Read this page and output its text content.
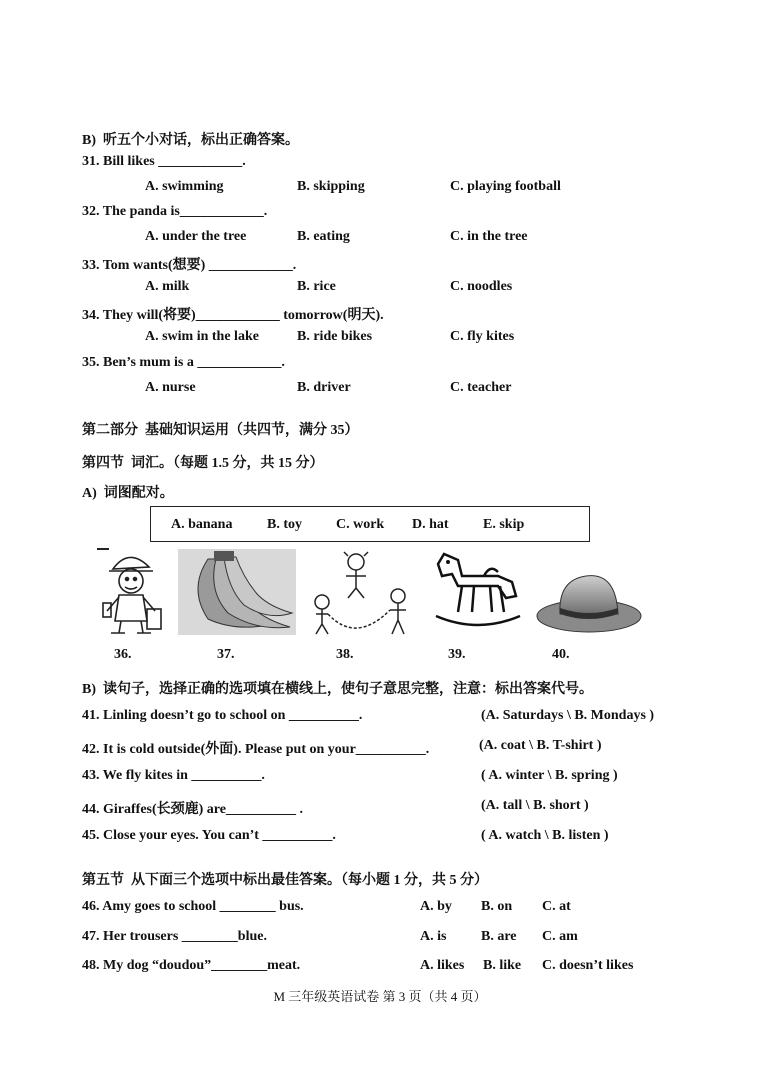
B)  听五个小对话，标出正确答案。
31. Bill likes ____________.
A. swimming	B. skipping	C. playing football
32. The panda is____________.
A. under the tree	B. eating	C. in the tree
33. Tom wants(想要) ____________.
A. milk	B. rice	C. noodles
34. They will(将要)____________ tomorrow(明天).
A. swim in the lake	B. ride bikes	C. fly kites
35. Ben’s mum is a ____________.
A. nurse	B. driver	C. teacher
第二部分  基础知识运用（共四节，满分 35）
第四节  词汇。（每题 1.5 分，共 15 分）
A)  词图配对。
A. banana B. toy C. work D. hat E. skip
36.	37.	38.	39.	40.
B)  读句子，选择正确的选项填在横线上，使句子意思完整，注意：标出答案代号。
41. Linling doesn’t go to school on __________.	(A. Saturdays \ B. Mondays )
42. It is cold outside(外面). Please put on your__________.	(A. coat \ B. T-shirt )
43. We fly kites in __________.	( A. winter \ B. spring )
44. Giraffes(长颈鹿) are__________ .	(A. tall \ B. short )
45. Close your eyes. You can’t __________.	( A. watch \ B. listen )
第五节  从下面三个选项中标出最佳答案。（每小题 1 分，共 5 分）
46. Amy goes to school ________ bus.	A. by B. on C. at
47. Her trousers ________blue.	A. is B. are C. am
48. My dog “doudou”________meat.	A. likes B. like C. doesn’t likes
M 三年级英语试卷 第 3 页（共 4 页）
